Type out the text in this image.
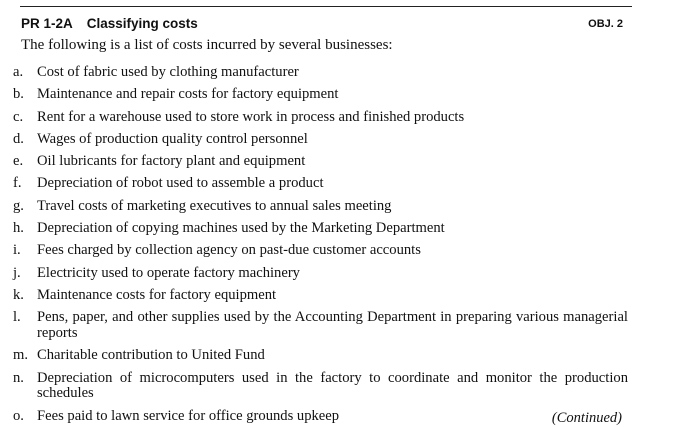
PR 1-2A Classifying costs	OBJ. 2
The following is a list of costs incurred by several businesses:
a. Cost of fabric used by clothing manufacturer
b. Maintenance and repair costs for factory equipment
c. Rent for a warehouse used to store work in process and finished products
d. Wages of production quality control personnel
e. Oil lubricants for factory plant and equipment
f.	Depreciation of robot used to assemble a product
g. Travel costs of marketing executives to annual sales meeting
h. Depreciation of copying machines used by the Marketing Department
i.	Fees charged by collection agency on past-due customer accounts
j.	Electricity used to operate factory machinery
k. Maintenance costs for factory equipment
l.	Pens, paper, and other supplies used by the Accounting Department in preparing various managerial reports
m. Charitable contribution to United Fund
n. Depreciation of microcomputers used in the factory to coordinate and monitor the production schedules
o. Fees paid to lawn service for office grounds upkeep	(Continued)
